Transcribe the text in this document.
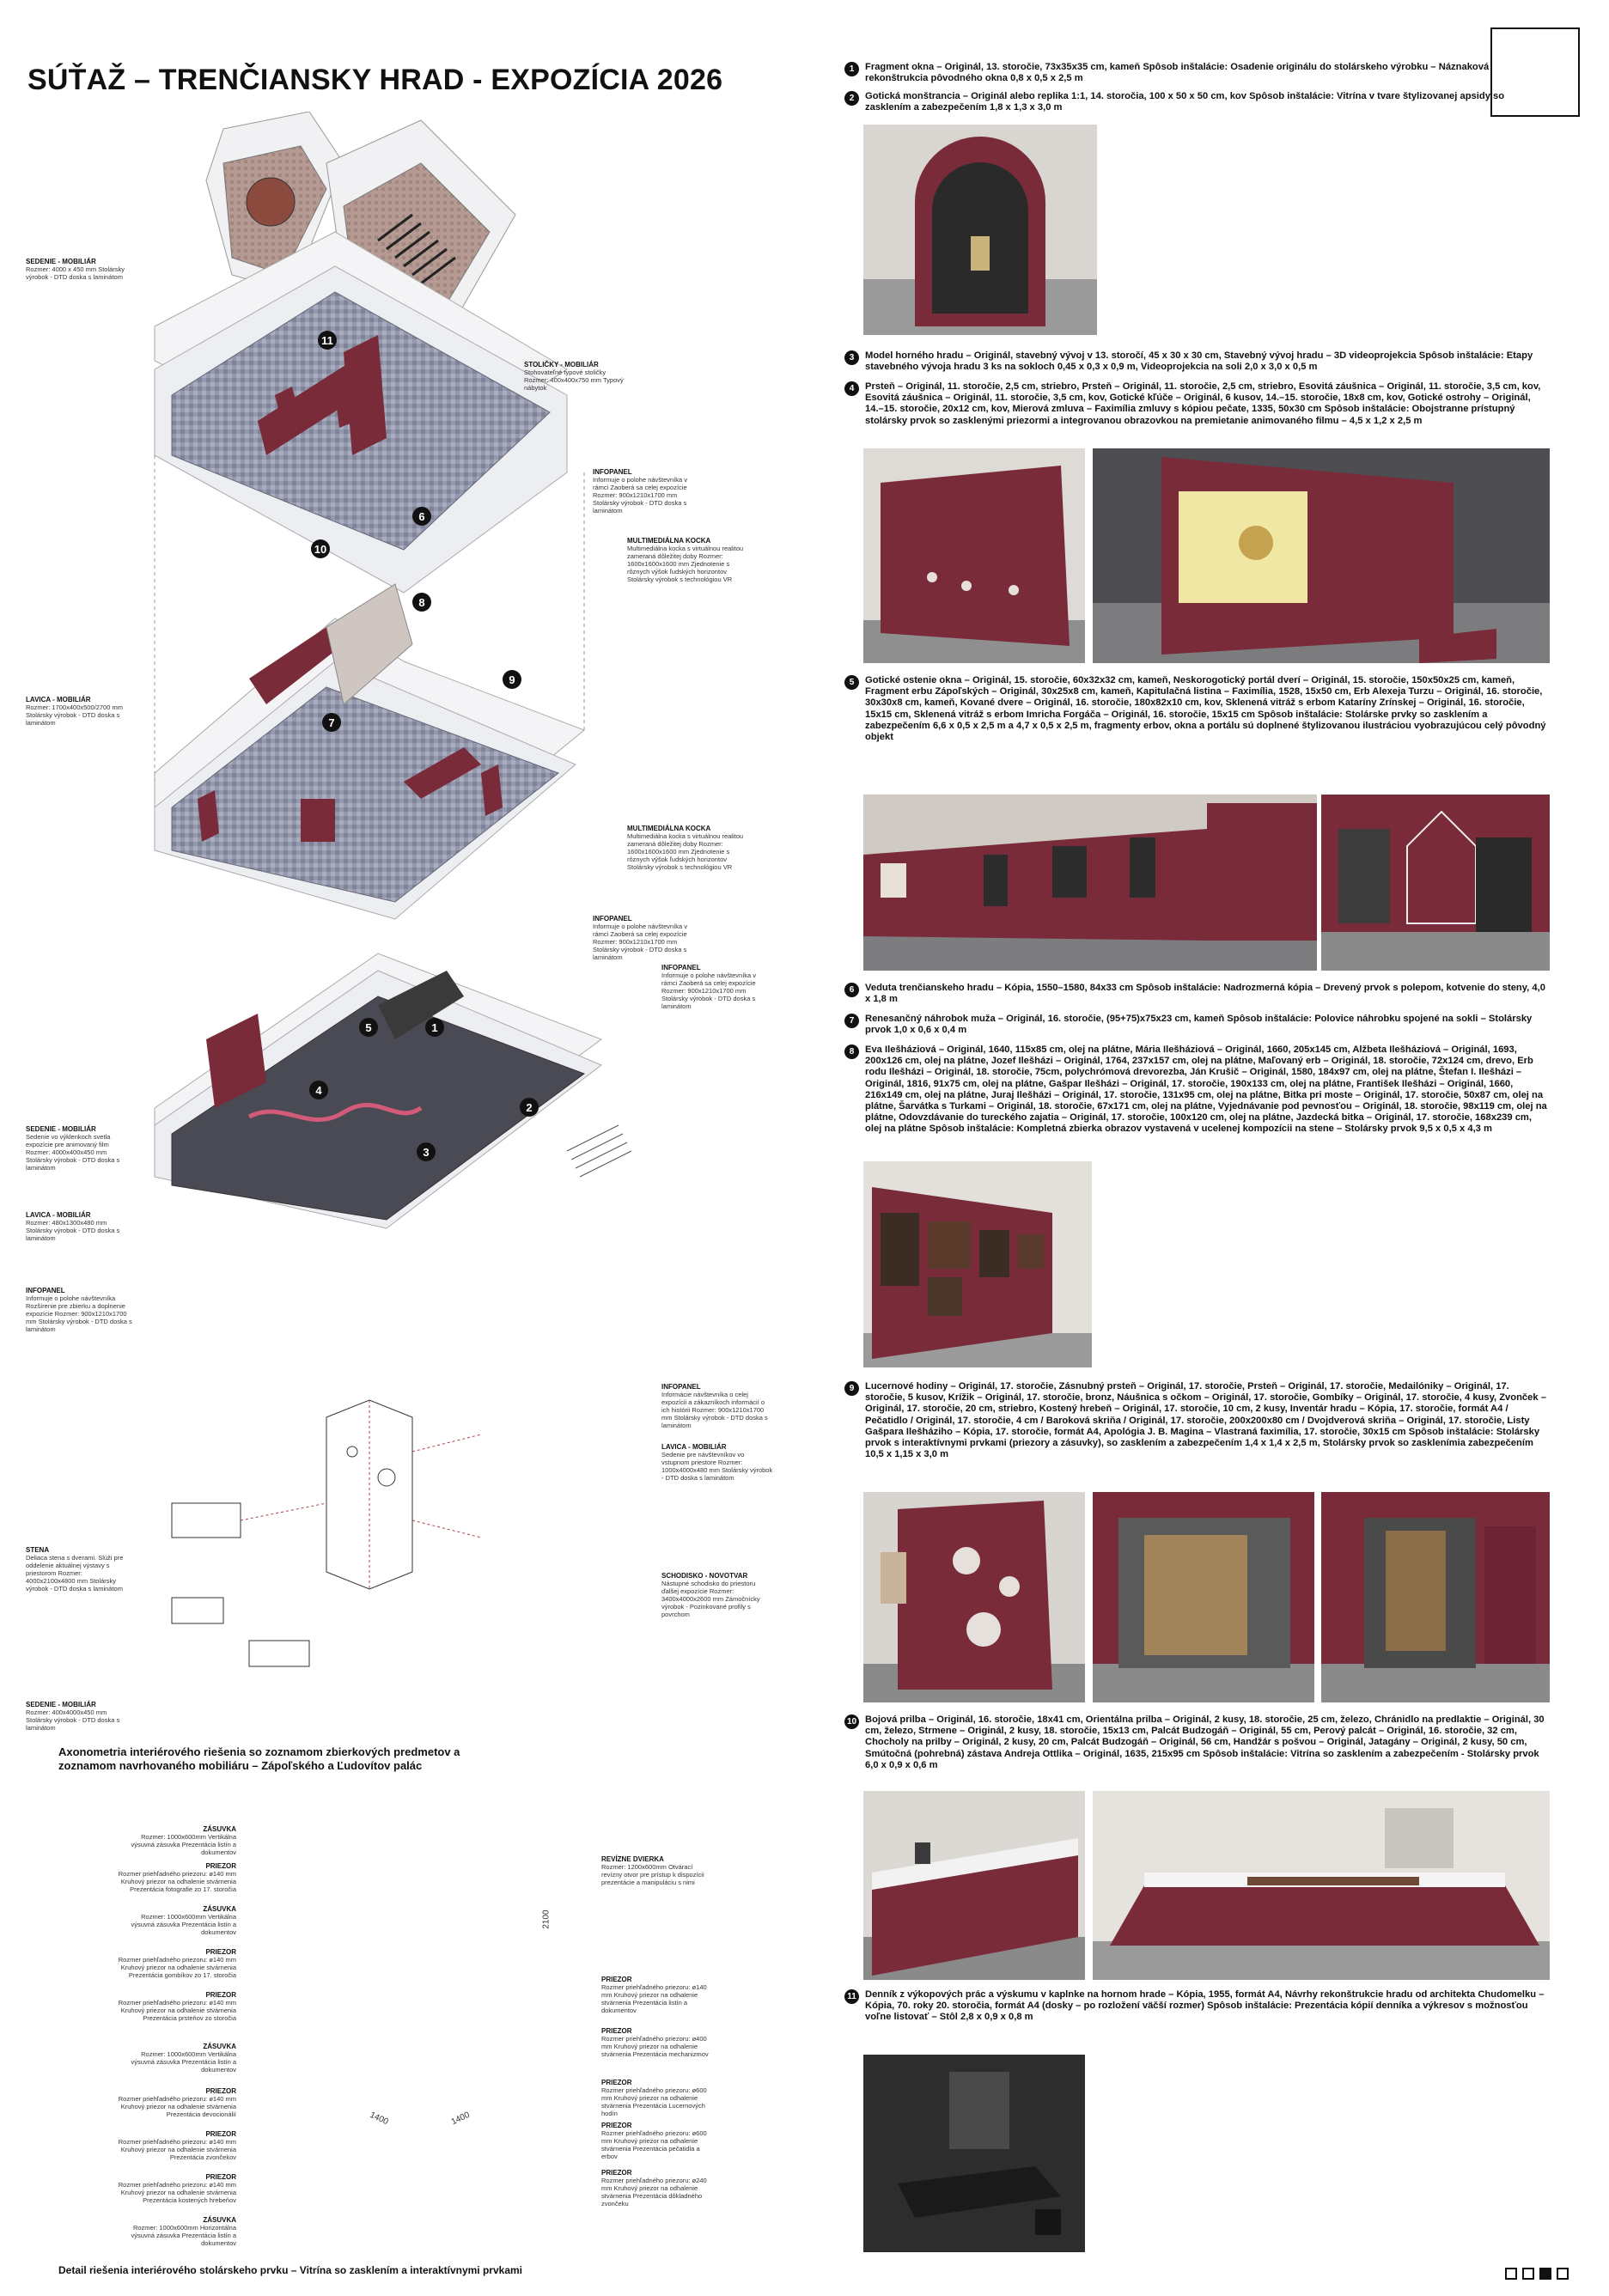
SÚŤAŽ – TRENČIANSKY HRAD - EXPOZÍCIA 2026
11
6
10
8
9
7
5	1
4
2
3
SEDENIE - MOBILIÁR
Rozmer: 4000 x 450 mm Stolársky výrobok - DTD doska s laminátom
STOLIČKY - MOBILIÁR
Stohovateľné typové stoličky Rozmer: 400x400x750 mm Typový nábytok
INFOPANEL
Informuje o polohe návštevníka v rámci Zaoberá sa celej expozície Rozmer: 900x1210x1700 mm Stolársky výrobok - DTD doska s laminátom
MULTIMEDIÁLNA KOCKA
Multimediálna kocka s virtuálnou realitou zameraná dôležitej doby Rozmer: 1600x1600x1600 mm Zjednotenie s rôznych výšok ľudských horizontov Stolársky výrobok s technológiou VR
LAVICA - MOBILIÁR
Rozmer: 1700x400x500/2700 mm Stolársky výrobok - DTD doska s laminátom
MULTIMEDIÁLNA KOCKA
Multimediálna kocka s virtuálnou realitou zameraná dôležitej doby Rozmer: 1600x1600x1600 mm Zjednotenie s rôznych výšok ľudských horizontov Stolársky výrobok s technológiou VR
INFOPANEL
Informuje o polohe návštevníka v rámci Zaoberá sa celej expozície Rozmer: 900x1210x1700 mm Stolársky výrobok - DTD doska s laminátom
INFOPANEL
Informuje o polohe návštevníka v rámci Zaoberá sa celej expozície Rozmer: 900x1210x1700 mm Stolársky výrobok - DTD doska s laminátom
SEDENIE - MOBILIÁR
Sedenie vo výklenkoch svetla expozície pre animovaný film Rozmer: 4000x400x450 mm Stolársky výrobok - DTD doska s laminátom
LAVICA - MOBILIÁR
Rozmer: 480x1300x480 mm Stolársky výrobok - DTD doska s laminátom
INFOPANEL
Informuje o polohe návštevníka Rozšírenie pre zbierku a doplnenie expozície Rozmer: 900x1210x1700 mm Stolársky výrobok - DTD doska s laminátom
INFOPANEL
Informácie návštevníka o celej expozícii a zákazníkoch informácií o ich histórii Rozmer: 900x1210x1700 mm Stolársky výrobok - DTD doska s laminátom
LAVICA - MOBILIÁR
Sedenie pre návštevníkov vo vstupnom priestore Rozmer: 1000x4000x480 mm Stolársky výrobok - DTD doska s laminátom
STENA
Deliaca stena s dverami. Slúži pre oddelenie aktuálnej výstavy s priestorom Rozmer: 4000x2100x4800 mm Stolársky výrobok - DTD doska s laminátom
SCHODISKO - NOVOTVAR
Nástupné schodisko do priestoru ďalšej expozície Rozmer: 3400x4000x2600 mm Zámočnícky výrobok - Pozinkované profily s povrchom
SEDENIE - MOBILIÁR
Rozmer: 400x4000x450 mm Stolársky výrobok - DTD doska s laminátom
Axonometria interiérového riešenia so zoznamom zbierkových predmetov a zoznamom navrhovaného mobiliáru – Zápoľského a Ľudovítov palác
ZÁSUVKA
Rozmer: 1000x600mm Vertikálna výsuvná zásuvka Prezentácia listín a dokumentov
PRIEZOR
Rozmer priehľadného priezoru: ø140 mm Kruhový priezor na odhalenie stvárnenia Prezentácia fotografie zo 17. storočia
ZÁSUVKA
Rozmer: 1000x600mm Vertikálna výsuvná zásuvka Prezentácia listín a dokumentov
PRIEZOR
Rozmer priehľadného priezoru: ø140 mm Kruhový priezor na odhalenie stvárnenia Prezentácia gombíkov zo 17. storočia
PRIEZOR
Rozmer priehľadného priezoru: ø140 mm Kruhový priezor na odhalenie stvárnenia Prezentácia prsteňov zo storočia
ZÁSUVKA
Rozmer: 1000x600mm Vertikálna výsuvná zásuvka Prezentácia listín a dokumentov
PRIEZOR
Rozmer priehľadného priezoru: ø140 mm Kruhový priezor na odhalenie stvárnenia Prezentácia devocionálií
PRIEZOR
Rozmer priehľadného priezoru: ø140 mm Kruhový priezor na odhalenie stvárnenia Prezentácia zvončekov
PRIEZOR
Rozmer priehľadného priezoru: ø140 mm Kruhový priezor na odhalenie stvárnenia Prezentácia kostených hrebeňov
ZÁSUVKA
Rozmer: 1000x600mm Horizontálna výsuvná zásuvka Prezentácia listín a dokumentov
REVÍZNE DVIERKA
Rozmer: 1200x600mm Otvárací revízny otvor pre prístup k dispozícii prezentácie a manipuláciu s nimi
PRIEZOR
Rozmer priehľadného priezoru: ø140 mm Kruhový priezor na odhalenie stvárnenia Prezentácia listín a dokumentov
PRIEZOR
Rozmer priehľadného priezoru: ø400 mm Kruhový priezor na odhalenie stvárnenia Prezentácia mechanizmov
PRIEZOR
Rozmer priehľadného priezoru: ø600 mm Kruhový priezor na odhalenie stvárnenia Prezentácia Lucernových hodín
PRIEZOR
Rozmer priehľadného priezoru: ø600 mm Kruhový priezor na odhalenie stvárnenia Prezentácia pečatidla a erbov
PRIEZOR
Rozmer priehľadného priezoru: ø240 mm Kruhový priezor na odhalenie stvárnenia Prezentácia dôkladného zvončeku
2100
1400	1400
Detail riešenia interiérového stolárskeho prvku – Vitrína so zasklením a interaktívnymi prvkami
1	Fragment okna – Originál, 13. storočie, 73x35x35 cm, kameň Spôsob inštalácie: Osadenie originálu do stolárskeho výrobku – Náznaková rekonštrukcia pôvodného okna 0,8 x 0,5 x 2,5 m
2	Gotická monštrancia – Originál alebo replika 1:1, 14. storočia, 100 x 50 x 50 cm, kov Spôsob inštalácie: Vitrína v tvare štylizovanej apsidy so zasklením a zabezpečením 1,8 x 1,3 x 3,0 m
3	Model horného hradu – Originál, stavebný vývoj v 13. storočí, 45 x 30 x 30 cm, Stavebný vývoj hradu – 3D videoprojekcia Spôsob inštalácie: Etapy stavebného vývoja hradu 3 ks na sokloch 0,45 x 0,3 x 0,9 m, Videoprojekcia na soli 2,0 x 3,0 x 0,5 m
4	Prsteň – Originál, 11. storočie, 2,5 cm, striebro, Prsteň – Originál, 11. storočie, 2,5 cm, striebro, Esovitá záušnica – Originál, 11. storočie, 3,5 cm, kov, Esovitá záušnica – Originál, 11. storočie, 3,5 cm, kov, Gotické kľúče – Originál, 6 kusov, 14.–15. storočie, 18x8 cm, kov, Gotické ostrohy – Originál, 14.–15. storočie, 20x12 cm, kov, Mierová zmluva – Faximília zmluvy s kópiou pečate, 1335, 50x30 cm Spôsob inštalácie: Obojstranne prístupný stolársky prvok so zasklenými priezormi a integrovanou obrazovkou na premietanie animovaného filmu – 4,5 x 1,2 x 2,5 m
5	Gotické ostenie okna – Originál, 15. storočie, 60x32x32 cm, kameň, Neskorogotický portál dverí – Originál, 15. storočie, 150x50x25 cm, kameň, Fragment erbu Zápoľských – Originál, 30x25x8 cm, kameň, Kapitulačná listina – Faximília, 1528, 15x50 cm, Erb Alexeja Turzu – Originál, 16. storočie, 30x30x8 cm, kameň, Kované dvere – Originál, 16. storočie, 180x82x10 cm, kov, Sklenená vitráž s erbom Kataríny Zrínskej – Originál, 16. storočie, 15x15 cm, Sklenená vitráž s erbom Imricha Forgáča – Originál, 16. storočie, 15x15 cm Spôsob inštalácie: Stolárske prvky so zasklením a zabezpečením 6,6 x 0,5 x 2,5 m a 4,7 x 0,5 x 2,5 m, fragmenty erbov, okna a portálu sú doplnené štylizovanou ilustráciou vyobrazujúcou celý pôvodný objekt
6	Veduta trenčianskeho hradu – Kópia, 1550–1580, 84x33 cm Spôsob inštalácie: Nadrozmerná kópia – Drevený prvok s polepom, kotvenie do steny, 4,0 x 1,8 m
7	Renesančný náhrobok muža – Originál, 16. storočie, (95+75)x75x23 cm, kameň Spôsob inštalácie: Polovice náhrobku spojené na sokli – Stolársky prvok 1,0 x 0,6 x 0,4 m
8	Eva Ilešháziová – Originál, 1640, 115x85 cm, olej na plátne, Mária Ilešháziová – Originál, 1660, 205x145 cm, Alžbeta Ilešháziová – Originál, 1693, 200x126 cm, olej na plátne, Jozef Ilešházi – Originál, 1764, 237x157 cm, olej na plátne, Maľovaný erb – Originál, 18. storočie, 72x124 cm, drevo, Erb rodu Ilešházi – Originál, 18. storočie, 75cm, polychrómová drevorezba, Ján Krušič – Originál, 1580, 184x97 cm, olej na plátne, Štefan I. Ilešházi – Originál, 1816, 91x75 cm, olej na plátne, Gašpar Ilešházi – Originál, 17. storočie, 190x133 cm, olej na plátne, František Ilešházi – Originál, 1660, 216x149 cm, olej na plátne, Juraj Ilešházi – Originál, 17. storočie, 131x95 cm, olej na plátne, Bitka pri moste – Originál, 17. storočie, 50x87 cm, olej na plátne, Šarvátka s Turkami – Originál, 18. storočie, 67x171 cm, olej na plátne, Vyjednávanie pod pevnosťou – Originál, 18. storočie, 98x119 cm, olej na plátne, Odovzdávanie do tureckého zajatia – Originál, 17. storočie, 100x120 cm, olej na plátne, Jazdecká bitka – Originál, 17. storočie, 168x239 cm, olej na plátne Spôsob inštalácie: Kompletná zbierka obrazov vystavená v ucelenej kompozícii na stene – Stolársky prvok 9,5 x 0,5 x 4,3 m
9	Lucernové hodiny – Originál, 17. storočie, Zásnubný prsteň – Originál, 17. storočie, Prsteň – Originál, 17. storočie, Medailóniky – Originál, 17. storočie, 5 kusov, Krížik – Originál, 17. storočie, bronz, Náušnica s očkom – Originál, 17. storočie, Gombíky – Originál, 17. storočie, 4 kusy, Zvonček – Originál, 17. storočie, 20 cm, striebro, Kostený hrebeň – Originál, 17. storočie, 10 cm, 2 kusy, Inventár hradu – Kópia, 17. storočie, formát A4 / Pečatidlo / Originál, 17. storočie, 4 cm / Baroková skriňa / Originál, 17. storočie, 200x200x80 cm / Dvojdverová skriňa – Originál, 17. storočie, Listy Gašpara Ilešháziho – Kópia, 17. storočie, formát A4, Apológia J. B. Magina – Vlastraná faximília, 17. storočie, 30x15 cm Spôsob inštalácie: Stolársky prvok s interaktívnymi prvkami (priezory a zásuvky), so zasklením a zabezpečením 1,4 x 1,4 x 2,5 m, Stolársky prvok so zasklenímia zabezpečením 10,5 x 1,15 x 3,0 m
10 Bojová prilba – Originál, 16. storočie, 18x41 cm, Orientálna prilba – Originál, 2 kusy, 18. storočie, 25 cm, železo, Chránidlo na predlaktie – Originál, 30 cm, železo, Strmene – Originál, 2 kusy, 18. storočie, 15x13 cm, Palcát Budzogáň – Originál, 55 cm, Perový palcát – Originál, 16. storočie, 32 cm, Chocholy na prilby – Originál, 2 kusy, 20 cm, Palcát Budzogáň – Originál, 56 cm, Handžár s pošvou – Originál, Jatagány – Originál, 2 kusy, 50 cm, Smútočná (pohrebná) zástava Andreja Ottlika – Originál, 1635, 215x95 cm Spôsob inštalácie: Vitrína so zasklením a zabezpečením - Stolársky prvok 6,0 x 0,9 x 0,6 m
11 Denník z výkopových prác a výskumu v kaplnke na hornom hrade – Kópia, 1955, formát A4, Návrhy rekonštrukcie hradu od architekta Chudomelku – Kópia, 70. roky 20. storočia, formát A4 (dosky – po rozložení väčší rozmer) Spôsob inštalácie: Prezentácia kópií denníka a výkresov s možnosťou voľne listovať – Stôl 2,8 x 0,9 x 0,8 m
